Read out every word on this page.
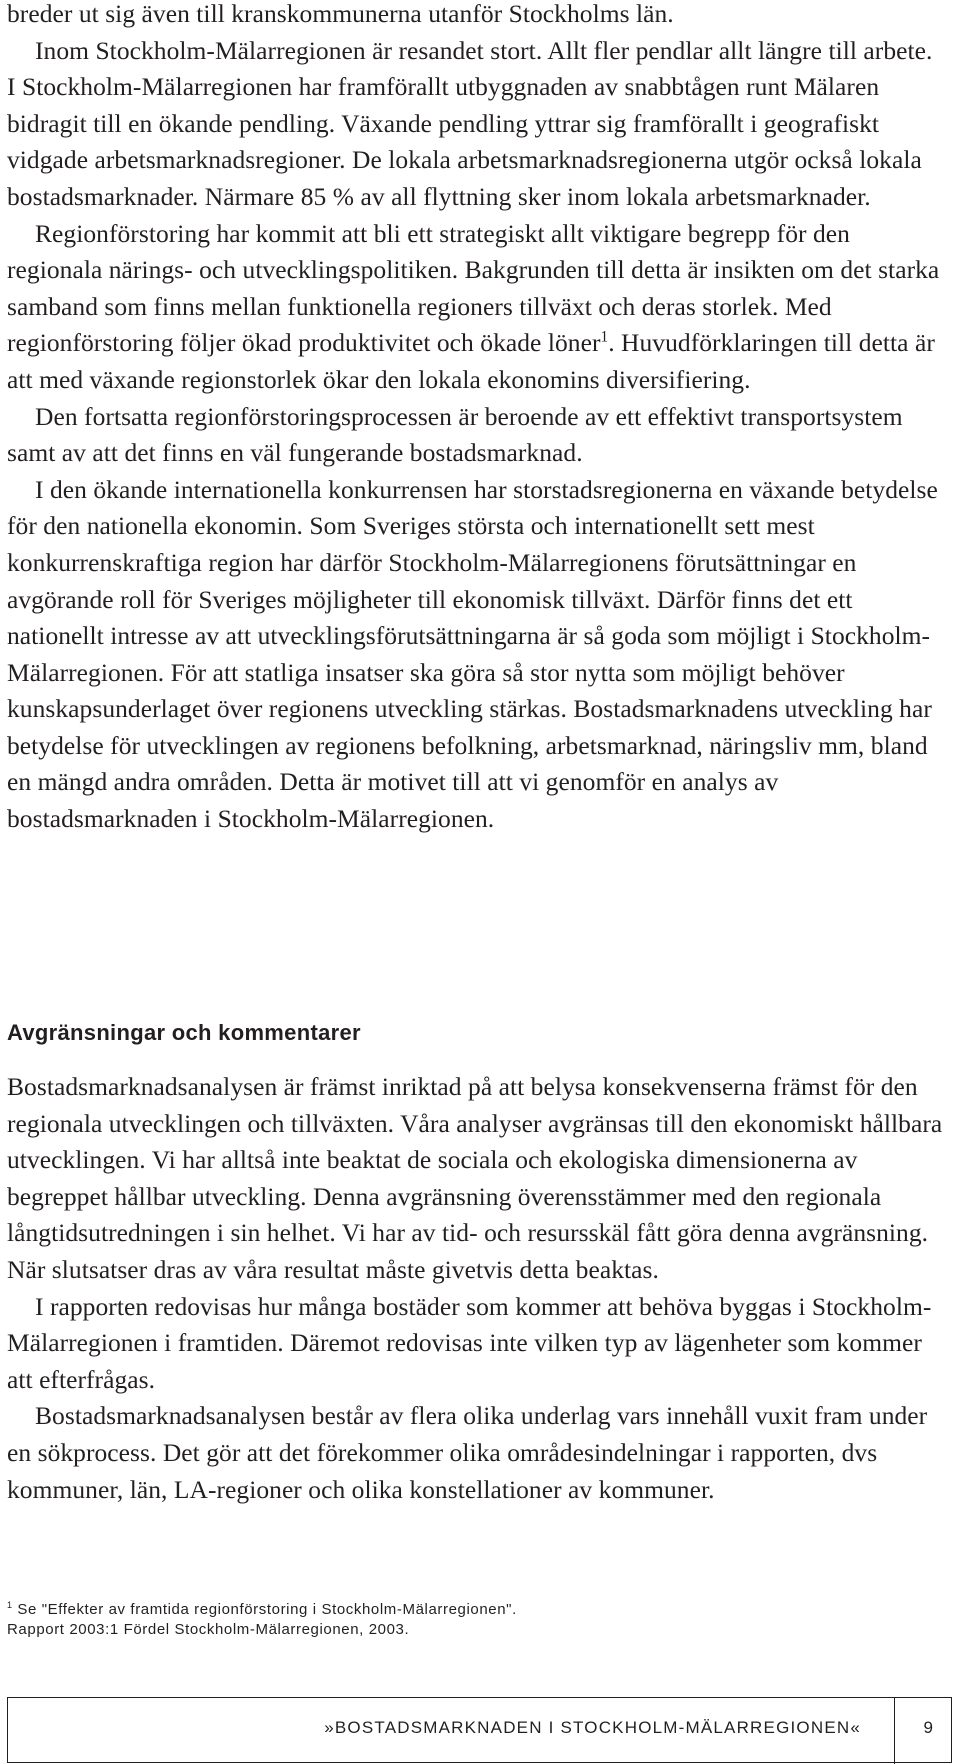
breder ut sig även till kranskommunerna utanför Stockholms län.

Inom Stockholm-Mälarregionen är resandet stort. Allt fler pendlar allt längre till arbete. I Stockholm-Mälarregionen har framförallt utbyggnaden av snabbtågen runt Mälaren bidragit till en ökande pendling. Växande pendling yttrar sig framförallt i geografiskt vidgade arbetsmarknadsregioner. De lokala arbetsmarknadsregionerna utgör också lokala bostadsmarknader. Närmare 85 % av all flyttning sker inom lokala arbetsmarknader.

Regionförstoring har kommit att bli ett strategiskt allt viktigare begrepp för den regionala närings- och utvecklingspolitiken. Bakgrunden till detta är insikten om det starka samband som finns mellan funktionella regioners tillväxt och deras storlek. Med regionförstoring följer ökad produktivitet och ökade löner$^1$. Huvudförklaringen till detta är att med växande regionstorlek ökar den lokala ekonomins diversifiering.

Den fortsatta regionförstoringsprocessen är beroende av ett effektivt transportsystem samt av att det finns en väl fungerande bostadsmarknad.

I den ökande internationella konkurrensen har storstadsregionerna en växande betydelse för den nationella ekonomin. Som Sveriges största och internationellt sett mest konkurrenskraftiga region har därför Stockholm-Mälarregionens förutsättningar en avgörande roll för Sveriges möjligheter till ekonomisk tillväxt. Därför finns det ett nationellt intresse av att utvecklingsförutsättningarna är så goda som möjligt i Stockholm-Mälarregionen. För att statliga insatser ska göra så stor nytta som möjligt behöver kunskapsunderlaget över regionens utveckling stärkas. Bostadsmarknadens utveckling har betydelse för utvecklingen av regionens befolkning, arbetsmarknad, näringsliv mm, bland en mängd andra områden. Detta är motivet till att vi genomför en analys av bostadsmarknaden i Stockholm-Mälarregionen.

Avgränsningar och kommentarer

Bostadsmarknadsanalysen är främst inriktad på att belysa konsekvenserna främst för den regionala utvecklingen och tillväxten. Våra analyser avgränsas till den ekonomiskt hållbara utvecklingen. Vi har alltså inte beaktat de sociala och ekologiska dimensionerna av begreppet hållbar utveckling. Denna avgränsning överensstämmer med den regionala långtidsutredningen i sin helhet. Vi har av tid- och resursskäl fått göra denna avgränsning. När slutsatser dras av våra resultat måste givetvis detta beaktas.

I rapporten redovisas hur många bostäder som kommer att behöva byggas i Stockholm-Mälarregionen i framtiden. Däremot redovisas inte vilken typ av lägenheter som kommer att efterfrågas.

Bostadsmarknadsanalysen består av flera olika underlag vars innehåll vuxit fram under en sökprocess. Det gör att det förekommer olika områdesindelningar i rapporten, dvs kommuner, län, LA-regioner och olika konstellationer av kommuner.

$^1$ Se "Effekter av framtida regionförstoring i Stockholm-Mälarregionen".
Rapport 2003:1 Fördel Stockholm-Mälarregionen, 2003.
»BOSTADSMARKNADEN I STOCKHOLM-MÄLARREGIONEN«	9
